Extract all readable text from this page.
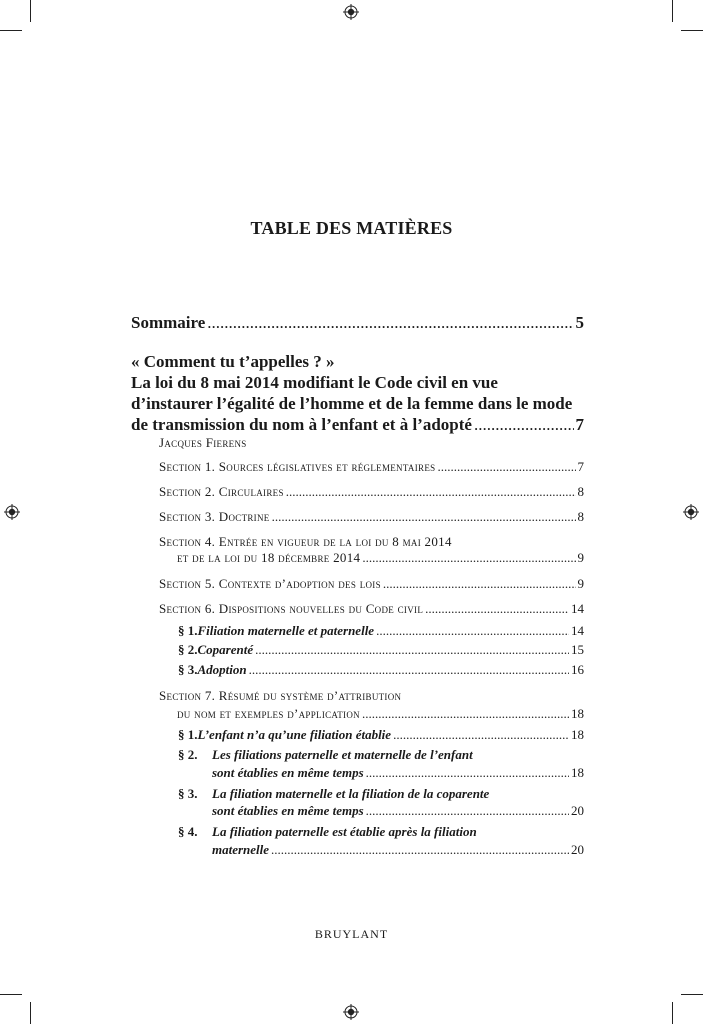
TABLE DES MATIÈRES
Sommaire .....	5
« Comment tu t’appelles ? »
La loi du 8 mai 2014 modifiant le Code civil en vue
d’instaurer l’égalité de l’homme et de la femme dans le mode
de transmission du nom à l’enfant et à l’adopté .....	7
Jacques Fierens
Section 1. Sources législatives et réglementaires .....	7
Section 2. Circulaires .....	8
Section 3. Doctrine .....	8
Section 4. Entrée en vigueur de la loi du 8 mai 2014
et de la loi du 18 décembre 2014 .....	9
Section 5. Contexte d’adoption des lois .....	9
Section 6. Dispositions nouvelles du Code civil .....	14
§ 1. Filiation maternelle et paternelle .....	14
§ 2. Coparenté .....	15
§ 3. Adoption .....	16
Section 7. Résumé du système d’attribution
du nom et exemples d’application .....	18
§ 1. L’enfant n’a qu’une filiation établie .....	18
§ 2. Les filiations paternelle et maternelle de l’enfant
sont établies en même temps .....	18
§ 3. La filiation maternelle et la filiation de la coparente
sont établies en même temps .....	20
§ 4. La filiation paternelle est établie après la filiation
maternelle .....	20
BRUYLANT
